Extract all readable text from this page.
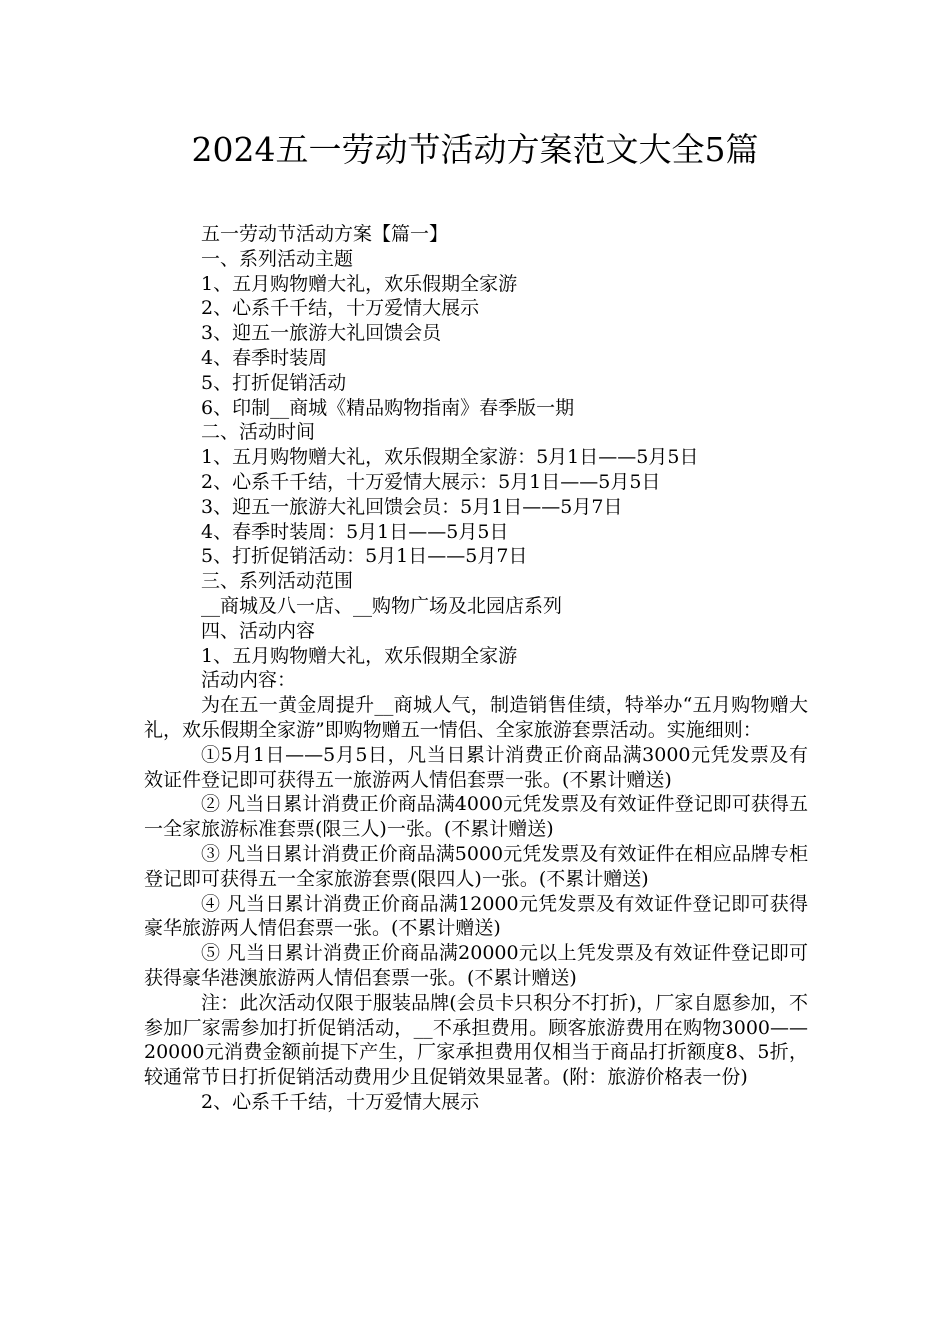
2024五一劳动节活动方案范文大全5篇
五一劳动节活动方案【篇一】
一、系列活动主题
1、五月购物赠大礼，欢乐假期全家游
2、心系千千结，十万爱情大展示
3、迎五一旅游大礼回馈会员
4、春季时装周
5、打折促销活动
6、印制__商城《精品购物指南》春季版一期
二、活动时间
1、五月购物赠大礼，欢乐假期全家游：5月1日——5月5日
2、心系千千结，十万爱情大展示：5月1日——5月5日
3、迎五一旅游大礼回馈会员：5月1日——5月7日
4、春季时装周：5月1日——5月5日
5、打折促销活动：5月1日——5月7日
三、系列活动范围
__商城及八一店、__购物广场及北园店系列
四、活动内容
1、五月购物赠大礼，欢乐假期全家游
活动内容：

为在五一黄金周提升__商城人气，制造销售佳绩，特举办“五月购物赠大礼，欢乐假期全家游”即购物赠五一情侣、全家旅游套票活动。实施细则：

①5月1日——5月5日，凡当日累计消费正价商品满3000元凭发票及有效证件登记即可获得五一旅游两人情侣套票一张。(不累计赠送)

② 凡当日累计消费正价商品满4000元凭发票及有效证件登记即可获得五一全家旅游标准套票(限三人)一张。(不累计赠送)

③ 凡当日累计消费正价商品满5000元凭发票及有效证件在相应品牌专柜登记即可获得五一全家旅游套票(限四人)一张。(不累计赠送)

④ 凡当日累计消费正价商品满12000元凭发票及有效证件登记即可获得豪华旅游两人情侣套票一张。(不累计赠送)

⑤ 凡当日累计消费正价商品满20000元以上凭发票及有效证件登记即可获得豪华港澳旅游两人情侣套票一张。(不累计赠送)

注：此次活动仅限于服装品牌(会员卡只积分不打折)，厂家自愿参加，不参加厂家需参加打折促销活动，__不承担费用。顾客旅游费用在购物3000——20000元消费金额前提下产生，厂家承担费用仅相当于商品打折额度8、5折，较通常节日打折促销活动费用少且促销效果显著。(附：旅游价格表一份)

2、心系千千结，十万爱情大展示
